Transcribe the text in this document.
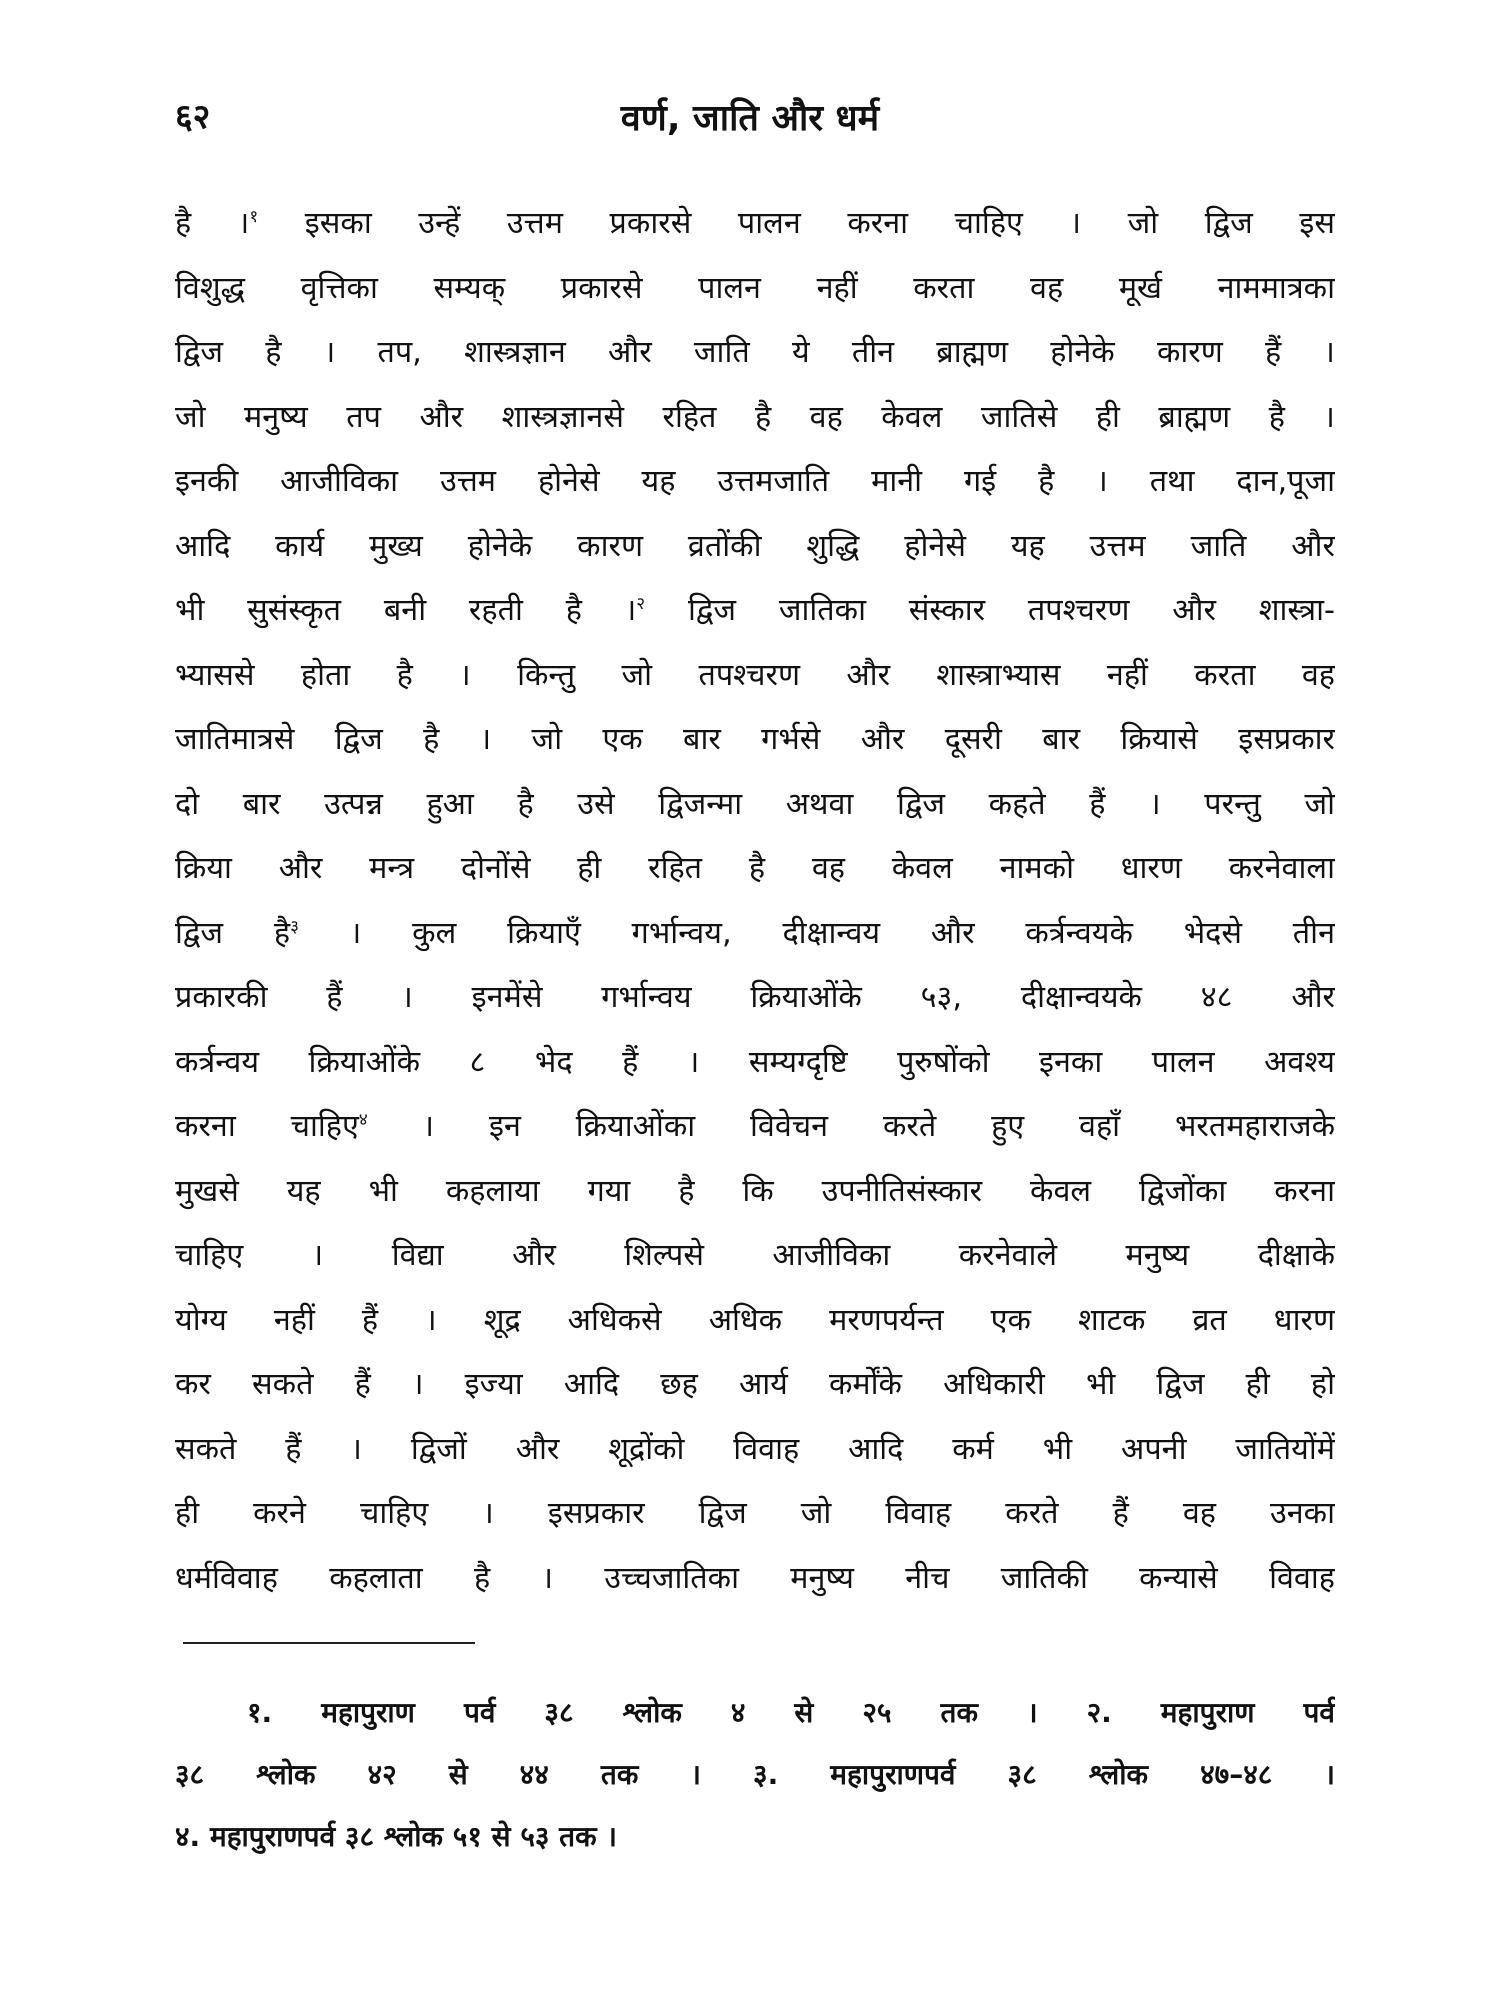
६२	वर्ण, जाति और धर्म
है ।$^१$ इसका उन्हें उत्तम प्रकारसे पालन करना चाहिए । जो द्विज इस
विशुद्ध वृत्तिका सम्यक् प्रकारसे पालन नहीं करता वह मूर्ख नाममात्रका
द्विज है । तप, शास्त्रज्ञान और जाति ये तीन ब्राह्मण होनेके कारण हैं ।
जो मनुष्य तप और शास्त्रज्ञानसे रहित है वह केवल जातिसे ही ब्राह्मण है ।
इनकी आजीविका उत्तम होनेसे यह उत्तमजाति मानी गई है । तथा दान,पूजा
आदि कार्य मुख्य होनेके कारण व्रतोंकी शुद्धि होनेसे यह उत्तम जाति और
भी सुसंस्कृत बनी रहती है ।$^२$ द्विज जातिका संस्कार तपश्चरण और शास्त्रा-
भ्याससे होता है । किन्तु जो तपश्चरण और शास्त्राभ्यास नहीं करता वह
जातिमात्रसे द्विज है । जो एक बार गर्भसे और दूसरी बार क्रियासे इसप्रकार
दो बार उत्पन्न हुआ है उसे द्विजन्मा अथवा द्विज कहते हैं । परन्तु जो
क्रिया और मन्त्र दोनोंसे ही रहित है वह केवल नामको धारण करनेवाला
द्विज है$^३$ । कुल क्रियाएँ गर्भान्वय, दीक्षान्वय और कर्त्रन्वयके भेदसे तीन
प्रकारकी हैं । इनमेंसे गर्भान्वय क्रियाओंके ५३, दीक्षान्वयके ४८ और
कर्त्रन्वय क्रियाओंके ८ भेद हैं । सम्यग्दृष्टि पुरुषोंको इनका पालन अवश्य
करना चाहिए$^४$ । इन क्रियाओंका विवेचन करते हुए वहाँ भरतमहाराजके
मुखसे यह भी कहलाया गया है कि उपनीतिसंस्कार केवल द्विजोंका करना
चाहिए । विद्या और शिल्पसे आजीविका करनेवाले मनुष्य दीक्षाके
योग्य नहीं हैं । शूद्र अधिकसे अधिक मरणपर्यन्त एक शाटक व्रत धारण
कर सकते हैं । इज्या आदि छह आर्य कर्मोंके अधिकारी भी द्विज ही हो
सकते हैं । द्विजों और शूद्रोंको विवाह आदि कर्म भी अपनी जातियोंमें
ही करने चाहिए । इसप्रकार द्विज जो विवाह करते हैं वह उनका
धर्मविवाह कहलाता है । उच्चजातिका मनुष्य नीच जातिकी कन्यासे विवाह
१. महापुराण पर्व ३८ श्लोक ४ से २५ तक । २. महापुराण पर्व
३८ श्लोक ४२ से ४४ तक । ३. महापुराणपर्व ३८ श्लोक ४७–४८ ।
४. महापुराणपर्व ३८ श्लोक ५१ से ५३ तक ।
